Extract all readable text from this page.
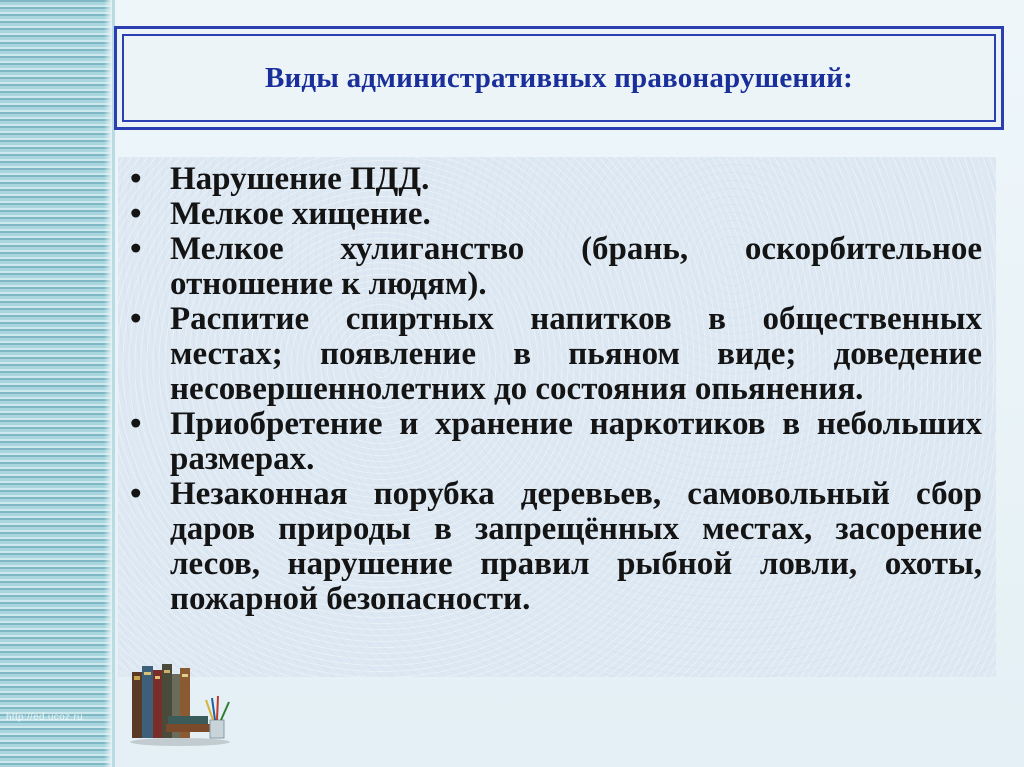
Виды административных правонарушений:
• Нарушение ПДД.
• Мелкое хищение.
• Мелкое хулиганство (брань, оскорбительное отношение к людям).
• Распитие спиртных напитков в общественных местах; появление в пьяном виде; доведение несовершеннолетних до состояния опьянения.
• Приобретение и хранение наркотиков в небольших размерах.
• Незаконная порубка деревьев, самовольный сбор даров природы в запрещённых местах, засорение лесов, нарушение правил рыбной ловли, охоты, пожарной безопасности.
http://ed.ucoz.ru
